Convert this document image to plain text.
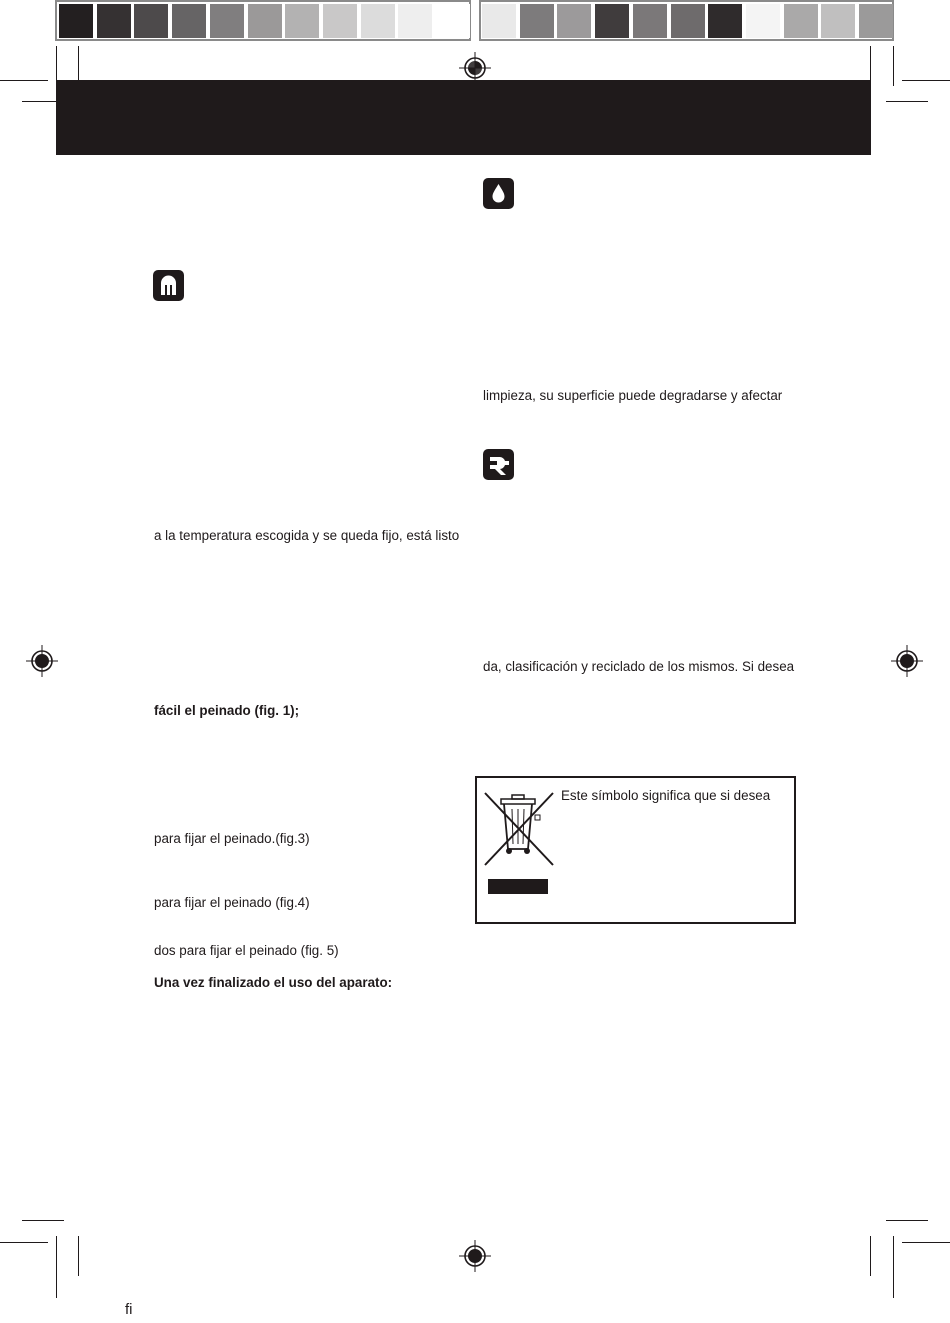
a la temperatura escogida y se queda fijo, está listo
fácil el peinado (fig. 1);
para fijar el peinado.(fig.3)
para fijar el peinado (fig.4)
dos para fijar el peinado (fig. 5)
Una vez finalizado el uso del aparato:
limpieza, su superficie puede degradarse y afectar
da, clasificación y reciclado de los mismos. Si desea
Este símbolo significa que si desea
fi
